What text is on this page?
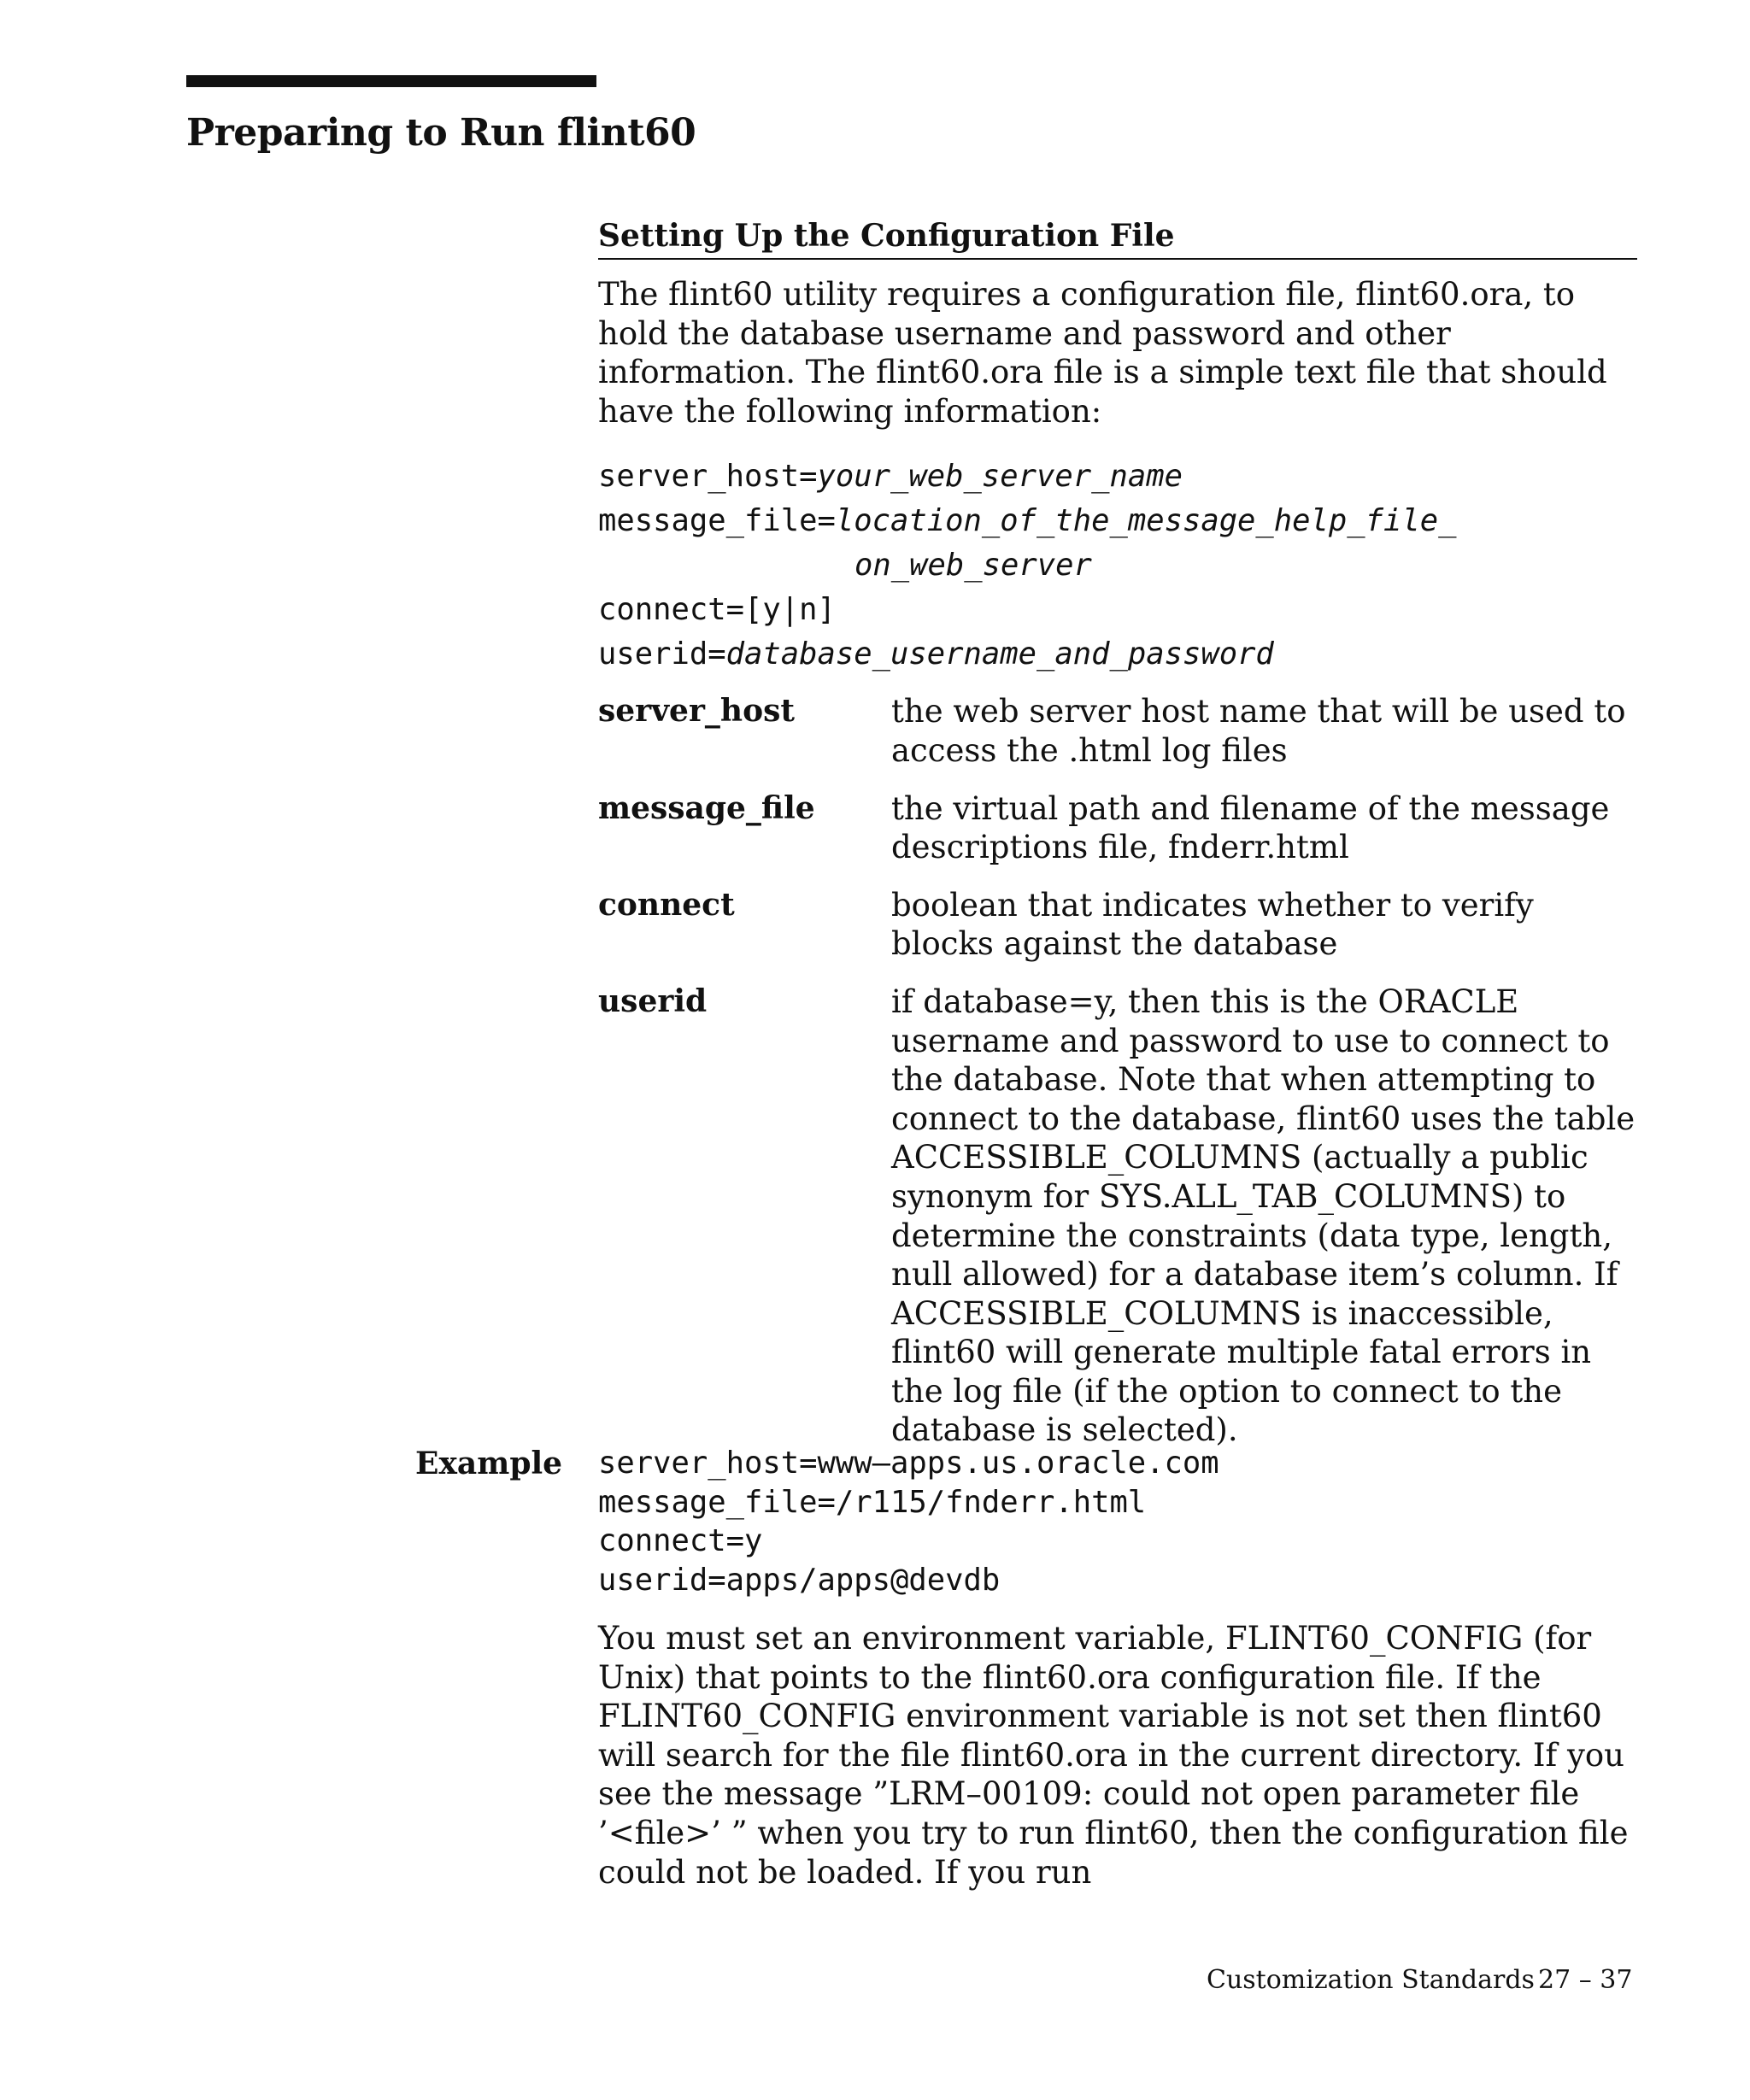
Preparing to Run flint60
Setting Up the Configuration File

The flint60 utility requires a configuration file, flint60.ora, to hold the database username and password and other information. The flint60.ora file is a simple text file that should have the following information:

server_host=your_web_server_name
message_file=location_of_the_message_help_file_
on_web_server
connect=[y|n]
userid=database_username_and_password
server_host	the web server host name that will be used to access the .html log files
message_file	the virtual path and filename of the message descriptions file, fnderr.html
connect	boolean that indicates whether to verify blocks against the database
userid	if database=y, then this is the ORACLE username and password to use to connect to the database. Note that when attempting to connect to the database, flint60 uses the table ACCESSIBLE_COLUMNS (actually a public synonym for SYS.ALL_TAB_COLUMNS) to determine the constraints (data type, length, null allowed) for a database item’s column. If ACCESSIBLE_COLUMNS is inaccessible, flint60 will generate multiple fatal errors in the log file (if the option to connect to the database is selected).
Example server_host=www–apps.us.oracle.com
message_file=/r115/fnderr.html
connect=y
userid=apps/apps@devdb

You must set an environment variable, FLINT60_CONFIG (for Unix) that points to the flint60.ora configuration file. If the FLINT60_CONFIG environment variable is not set then flint60 will search for the file flint60.ora in the current directory. If you see the message ”LRM–00109: could not open parameter file ’<file>’ ” when you try to run flint60, then the configuration file could not be loaded. If you run

Customization Standards 27 – 37
